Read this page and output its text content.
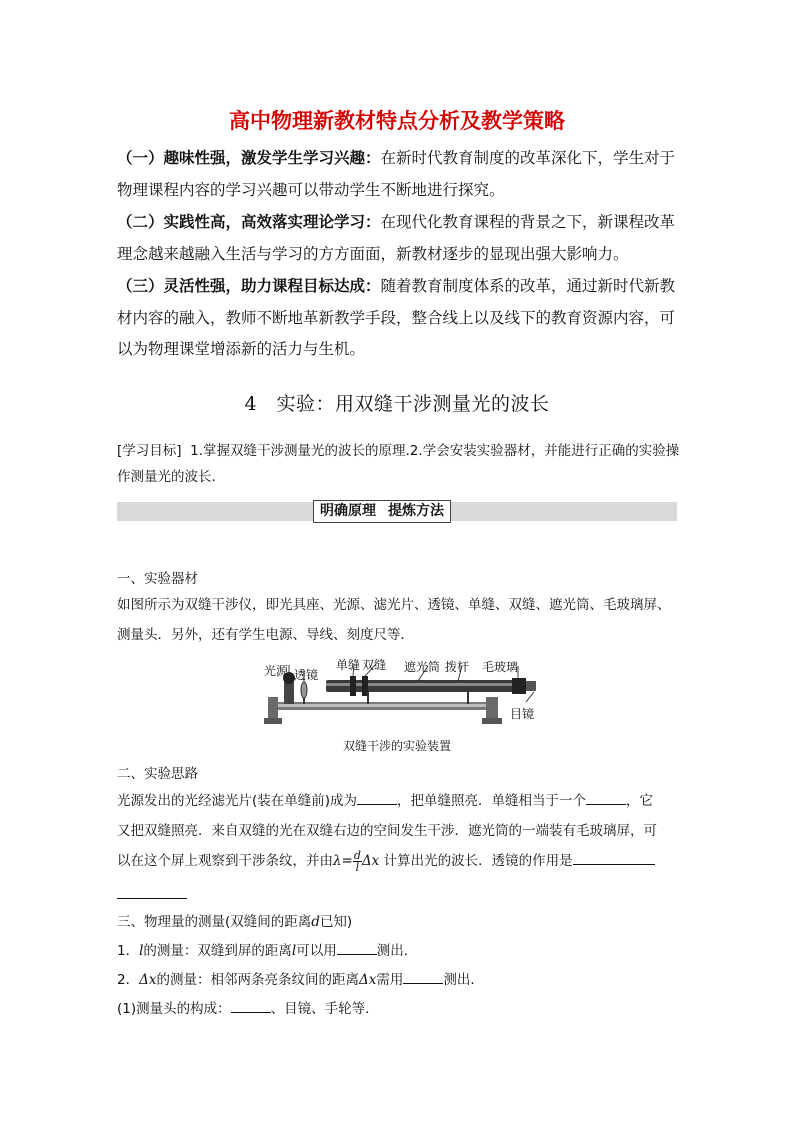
高中物理新教材特点分析及教学策略
（一）趣味性强，激发学生学习兴趣：在新时代教育制度的改革深化下，学生对于物理课程内容的学习兴趣可以带动学生不断地进行探究。
（二）实践性高，高效落实理论学习：在现代化教育课程的背景之下，新课程改革理念越来越融入生活与学习的方方面面，新教材逐步的显现出强大影响力。
（三）灵活性强，助力课程目标达成：随着教育制度体系的改革，通过新时代新教材内容的融入，教师不断地革新教学手段，整合线上以及线下的教育资源内容，可以为物理课堂增添新的活力与生机。
4　实验：用双缝干涉测量光的波长
[学习目标] 1.掌握双缝干涉测量光的波长的原理.2.学会安装实验器材，并能进行正确的实验操作测量光的波长.
明确原理 提炼方法
一、实验器材
如图所示为双缝干涉仪，即光具座、光源、滤光片、透镜、单缝、双缝、遮光筒、毛玻璃屏、测量头．另外，还有学生电源、导线、刻度尺等．
光源 透镜
单缝 双缝 遮光筒 拨杆 毛玻璃
目镜
双缝干涉的实验装置
二、实验思路
光源发出的光经滤光片(装在单缝前)成为	，把单缝照亮．单缝相当于一个	，它
又把双缝照亮．来自双缝的光在双缝右边的空间发生干涉．遮光筒的一端装有毛玻璃屏，可
以在这个屏上观察到干涉条纹，并由$\lambda= \frac{d}{l}$ Δx 计算出光的波长．透镜的作用是
三、物理量的测量(双缝间的距离d已知)
1．l的测量：双缝到屏的距离l可以用	测出．
2．Δx的测量：相邻两条亮条纹间的距离Δx需用	测出．
(1)测量头的构成：	、目镜、手轮等．
